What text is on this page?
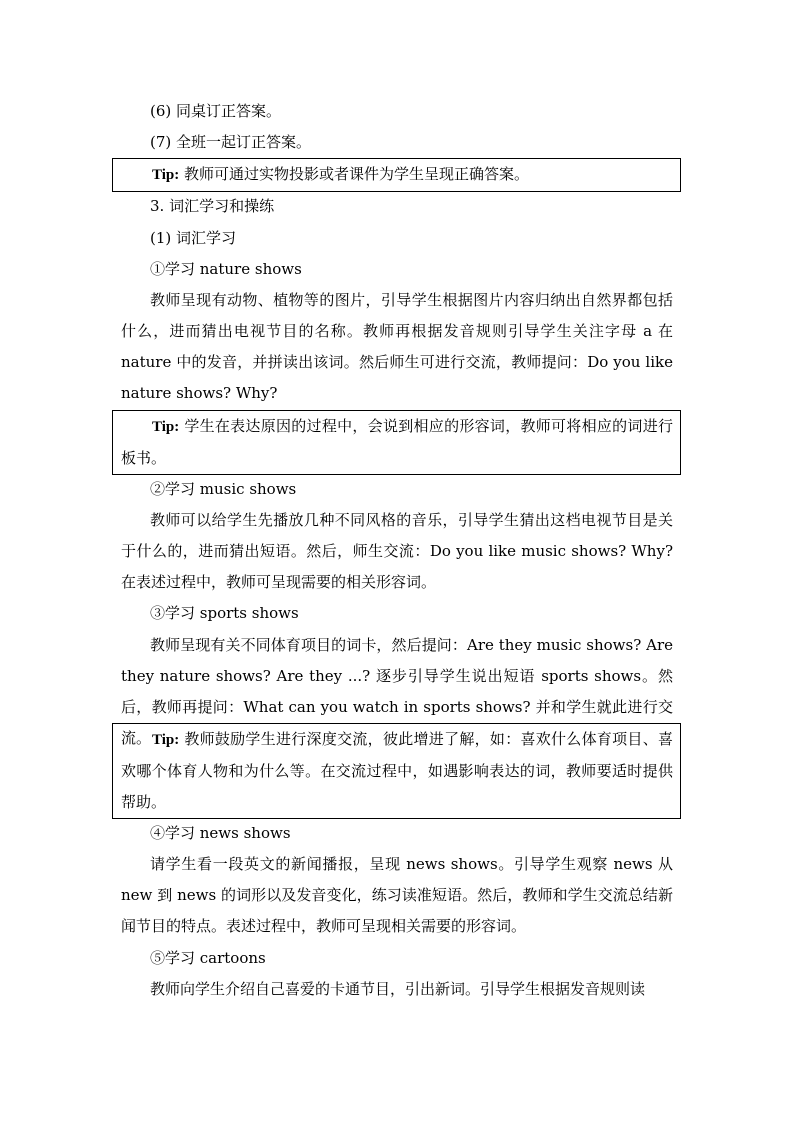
(6) 同桌订正答案。

(7) 全班一起订正答案。

Tip: 教师可通过实物投影或者课件为学生呈现正确答案。

3. 词汇学习和操练

(1) 词汇学习

①学习 nature shows

教师呈现有动物、植物等的图片，引导学生根据图片内容归纳出自然界都包括什么，进而猜出电视节目的名称。教师再根据发音规则引导学生关注字母 a 在 nature 中的发音，并拼读出该词。然后师生可进行交流，教师提问：Do you like nature shows? Why?

Tip: 学生在表达原因的过程中，会说到相应的形容词，教师可将相应的词进行板书。

②学习 music shows

教师可以给学生先播放几种不同风格的音乐，引导学生猜出这档电视节目是关于什么的，进而猜出短语。然后，师生交流：Do you like music shows? Why? 在表述过程中，教师可呈现需要的相关形容词。

③学习 sports shows

教师呈现有关不同体育项目的词卡，然后提问：Are they music shows? Are they nature shows? Are they ...? 逐步引导学生说出短语 sports shows。然后，教师再提问：What can you watch in sports shows? 并和学生就此进行交流。 Tip: 教师鼓励学生进行深度交流，彼此增进了解，如：喜欢什么体育项目、喜欢哪个体育人物和为什么等。在交流过程中，如遇影响表达的词，教师要适时提供帮助。

④学习 news shows

请学生看一段英文的新闻播报，呈现 news shows。引导学生观察 news 从 new 到 news 的词形以及发音变化，练习读准短语。然后，教师和学生交流总结新闻节目的特点。表述过程中，教师可呈现相关需要的形容词。

⑤学习 cartoons

教师向学生介绍自己喜爱的卡通节目，引出新词。引导学生根据发音规则读
